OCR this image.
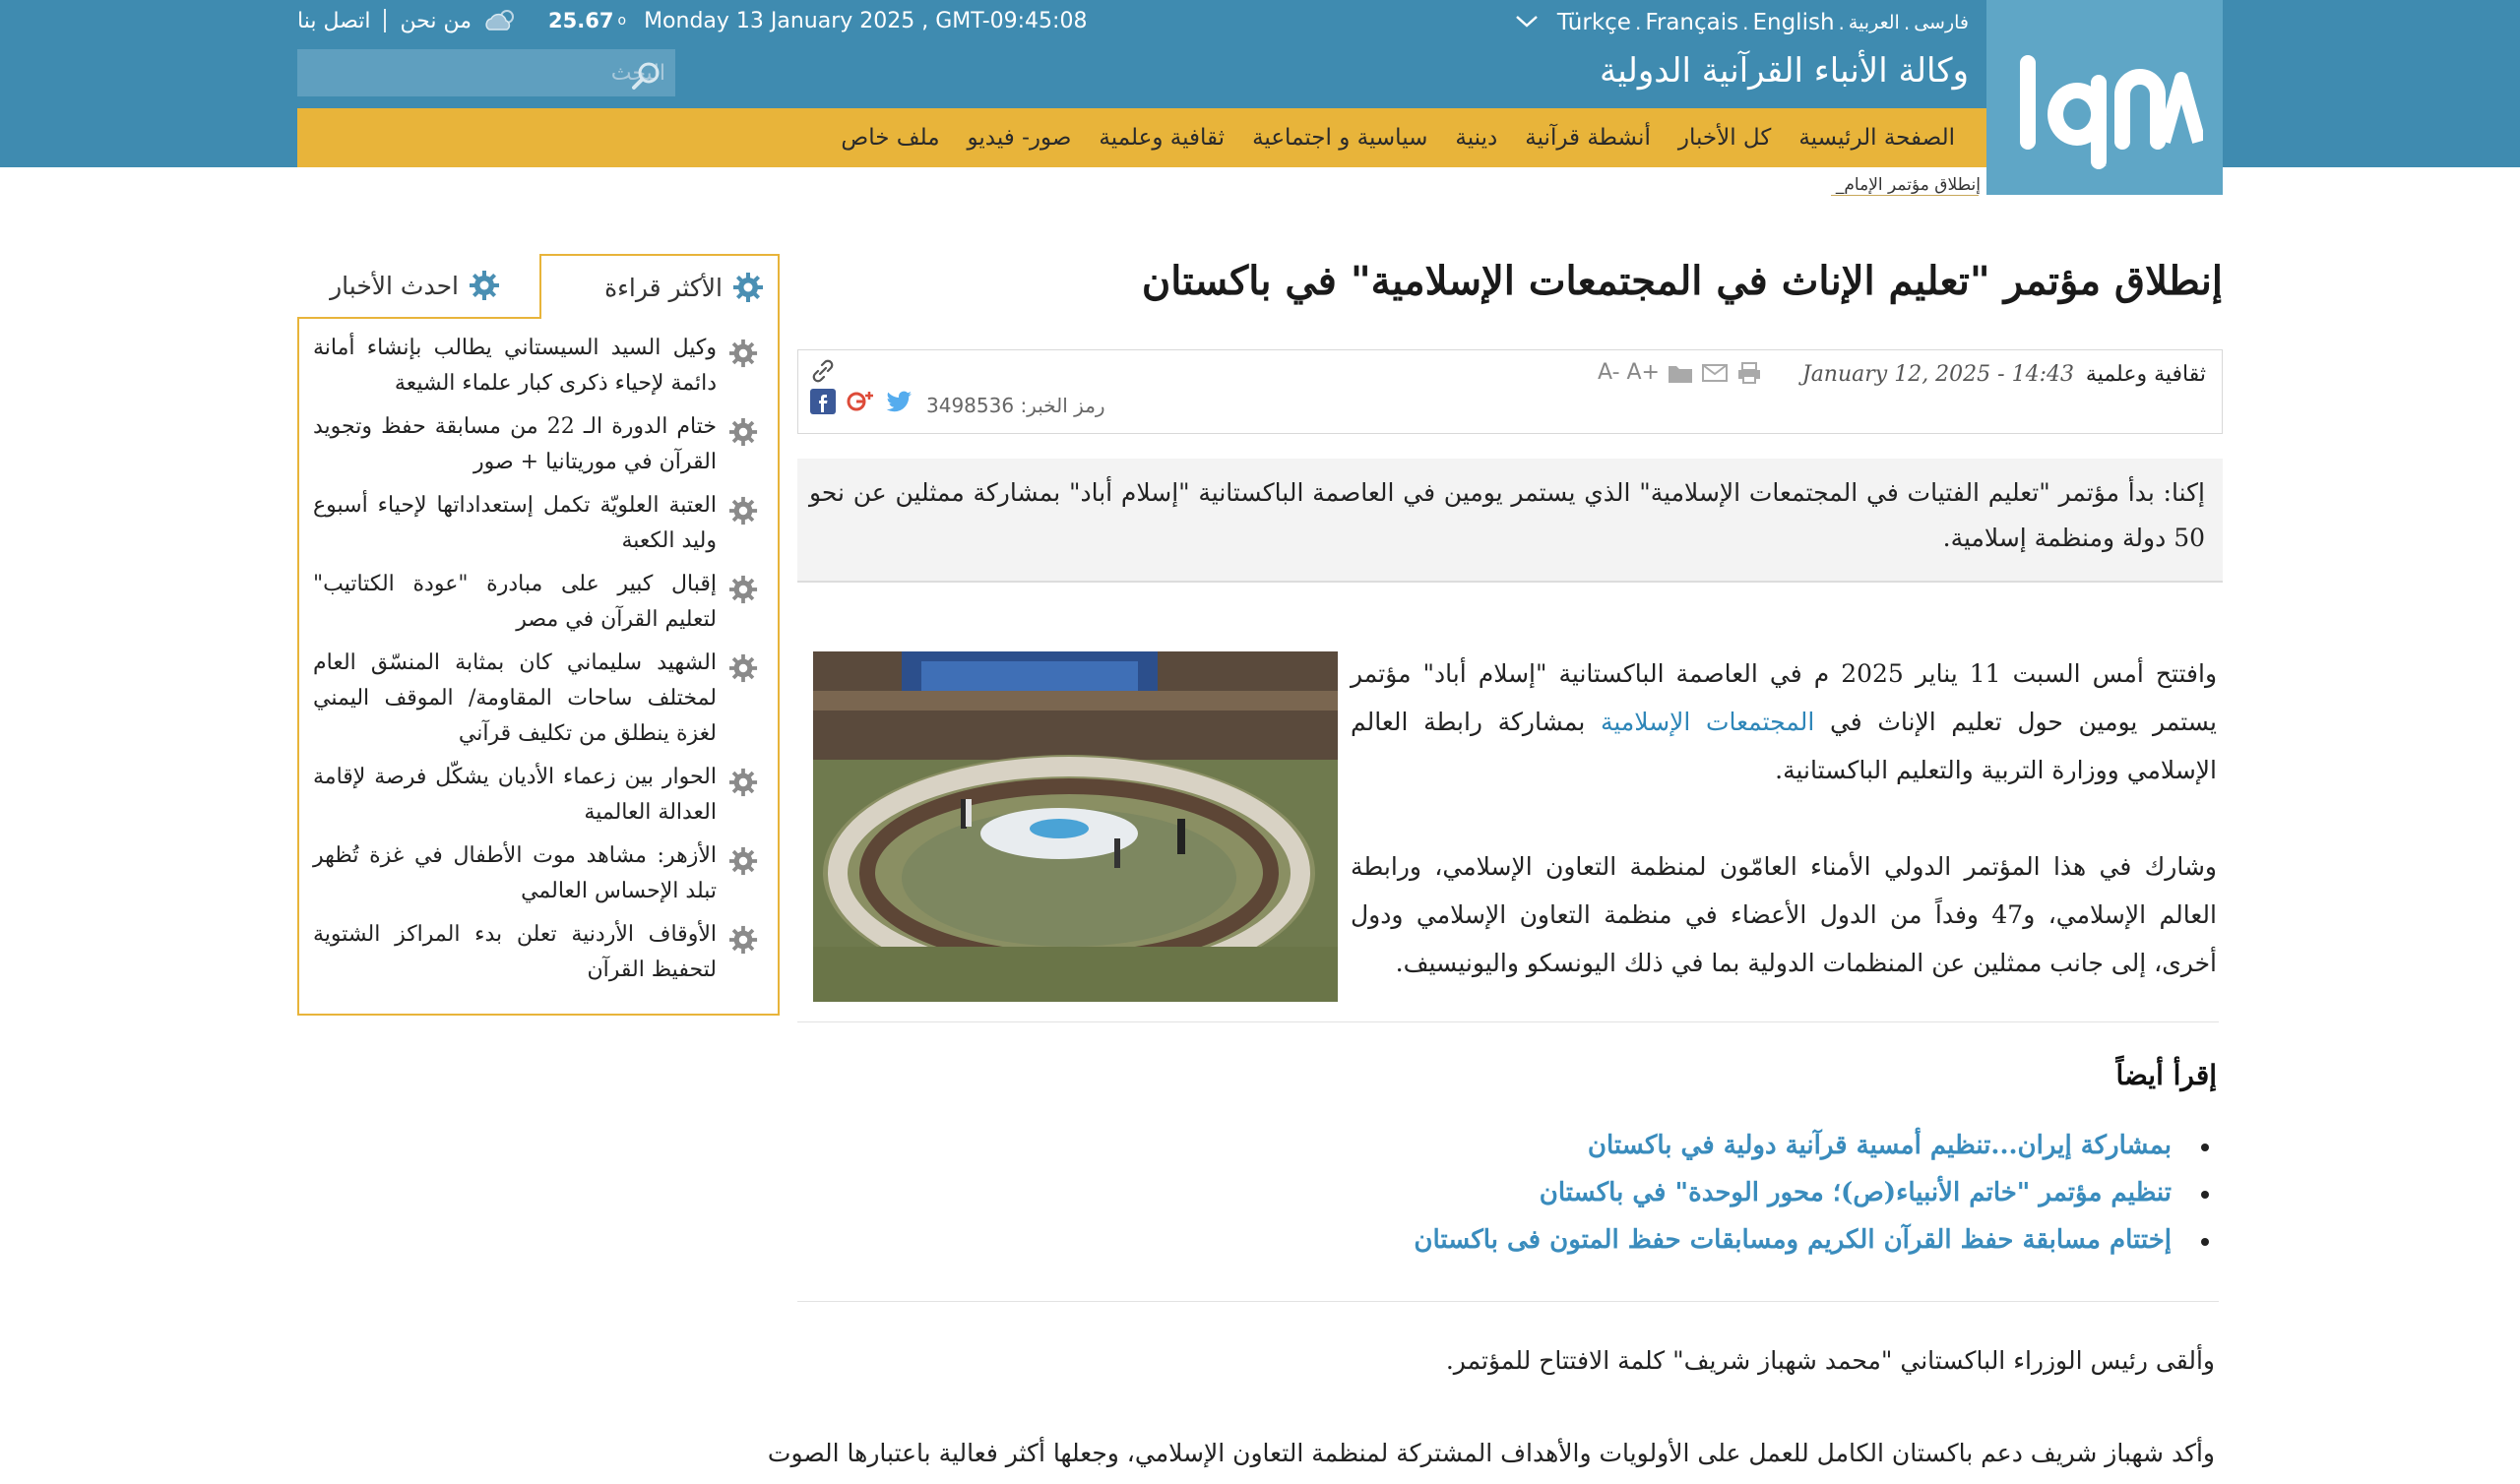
iqna
فارسی
.
العربية
.
English
.
Français
.
Türkçe
وكالة الأنباء القرآنية الدولية
اتصل بنا من نحن	25.67 o Monday 13 January 2025 , GMT-09:45:08
البحث
الصفحة الرئيسية
كل الأخبار
أنشطة قرآنية
دينية
سياسية و اجتماعية
ثقافية وعلمية
صور- فيديو
ملف خاص
إنطلاق مؤتمر الإمام_
إنطلاق مؤتمر "تعليم الإناث في المجتمعات الإسلامية" في باكستان
ثقافية وعلمية
January 12, 2025 - 14:43
A- A+
رمز الخبر: 3498536

إكنا: بدأ مؤتمر "تعليم الفتيات في المجتمعات الإسلامية" الذي يستمر يومين في العاصمة الباكستانية "إسلام أباد" بمشاركة ممثلين عن نحو 50 دولة ومنظمة إسلامية.

وافتتح أمس السبت 11 يناير 2025 م في العاصمة الباكستانية "إسلام أباد" مؤتمر يستمر يومين حول تعليم الإناث في المجتمعات الإسلامية بمشاركة رابطة العالم الإسلامي ووزارة التربية والتعليم الباكستانية.

وشارك في هذا المؤتمر الدولي الأمناء العامّون لمنظمة التعاون الإسلامي، ورابطة العالم الإسلامي، و47 وفداً من الدول الأعضاء في منظمة التعاون الإسلامي ودول أخرى، إلى جانب ممثلين عن المنظمات الدولية بما في ذلك اليونسكو واليونيسيف.

إقرأ أيضاً
بمشاركة إيران...تنظيم أمسية قرآنية دولية في باكستان
تنظيم مؤتمر "خاتم الأنبياء(ص)؛ محور الوحدة" في باكستان
إختتام مسابقة حفظ القرآن الكريم ومسابقات حفظ المتون فی باكستان

وألقى رئيس الوزراء الباكستاني "محمد شهباز شريف" كلمة الافتتاح للمؤتمر.

وأكد شهباز شريف دعم باكستان الكامل للعمل على الأولويات والأهداف المشتركة لمنظمة التعاون الإسلامي، وجعلها أكثر فعالية باعتبارها الصوت

الأكثر قراءة
احدث الأخبار
وكيل السيد السيستاني يطالب بإنشاء أمانة دائمة لإحياء ذكرى كبار علماء الشيعة
ختام الدورة الـ 22 من مسابقة حفظ وتجويد القرآن في موريتانيا + صور
العتبة العلويّة تكمل إستعداداتها لإحياء أسبوع وليد الكعبة
إقبال كبير على مبادرة "عودة الكتاتيب" لتعليم القرآن في مصر
الشهيد سليماني كان بمثابة المنسّق العام لمختلف ساحات المقاومة/ الموقف اليمني لغزة ينطلق من تكليف قرآني
الحوار بين زعماء الأديان يشكّل فرصة لإقامة العدالة العالمية
الأزهر: مشاهد موت الأطفال في غزة تُظهر تبلد الإحساس العالمي
الأوقاف الأردنية تعلن بدء المراكز الشتوية لتحفيظ القرآن
